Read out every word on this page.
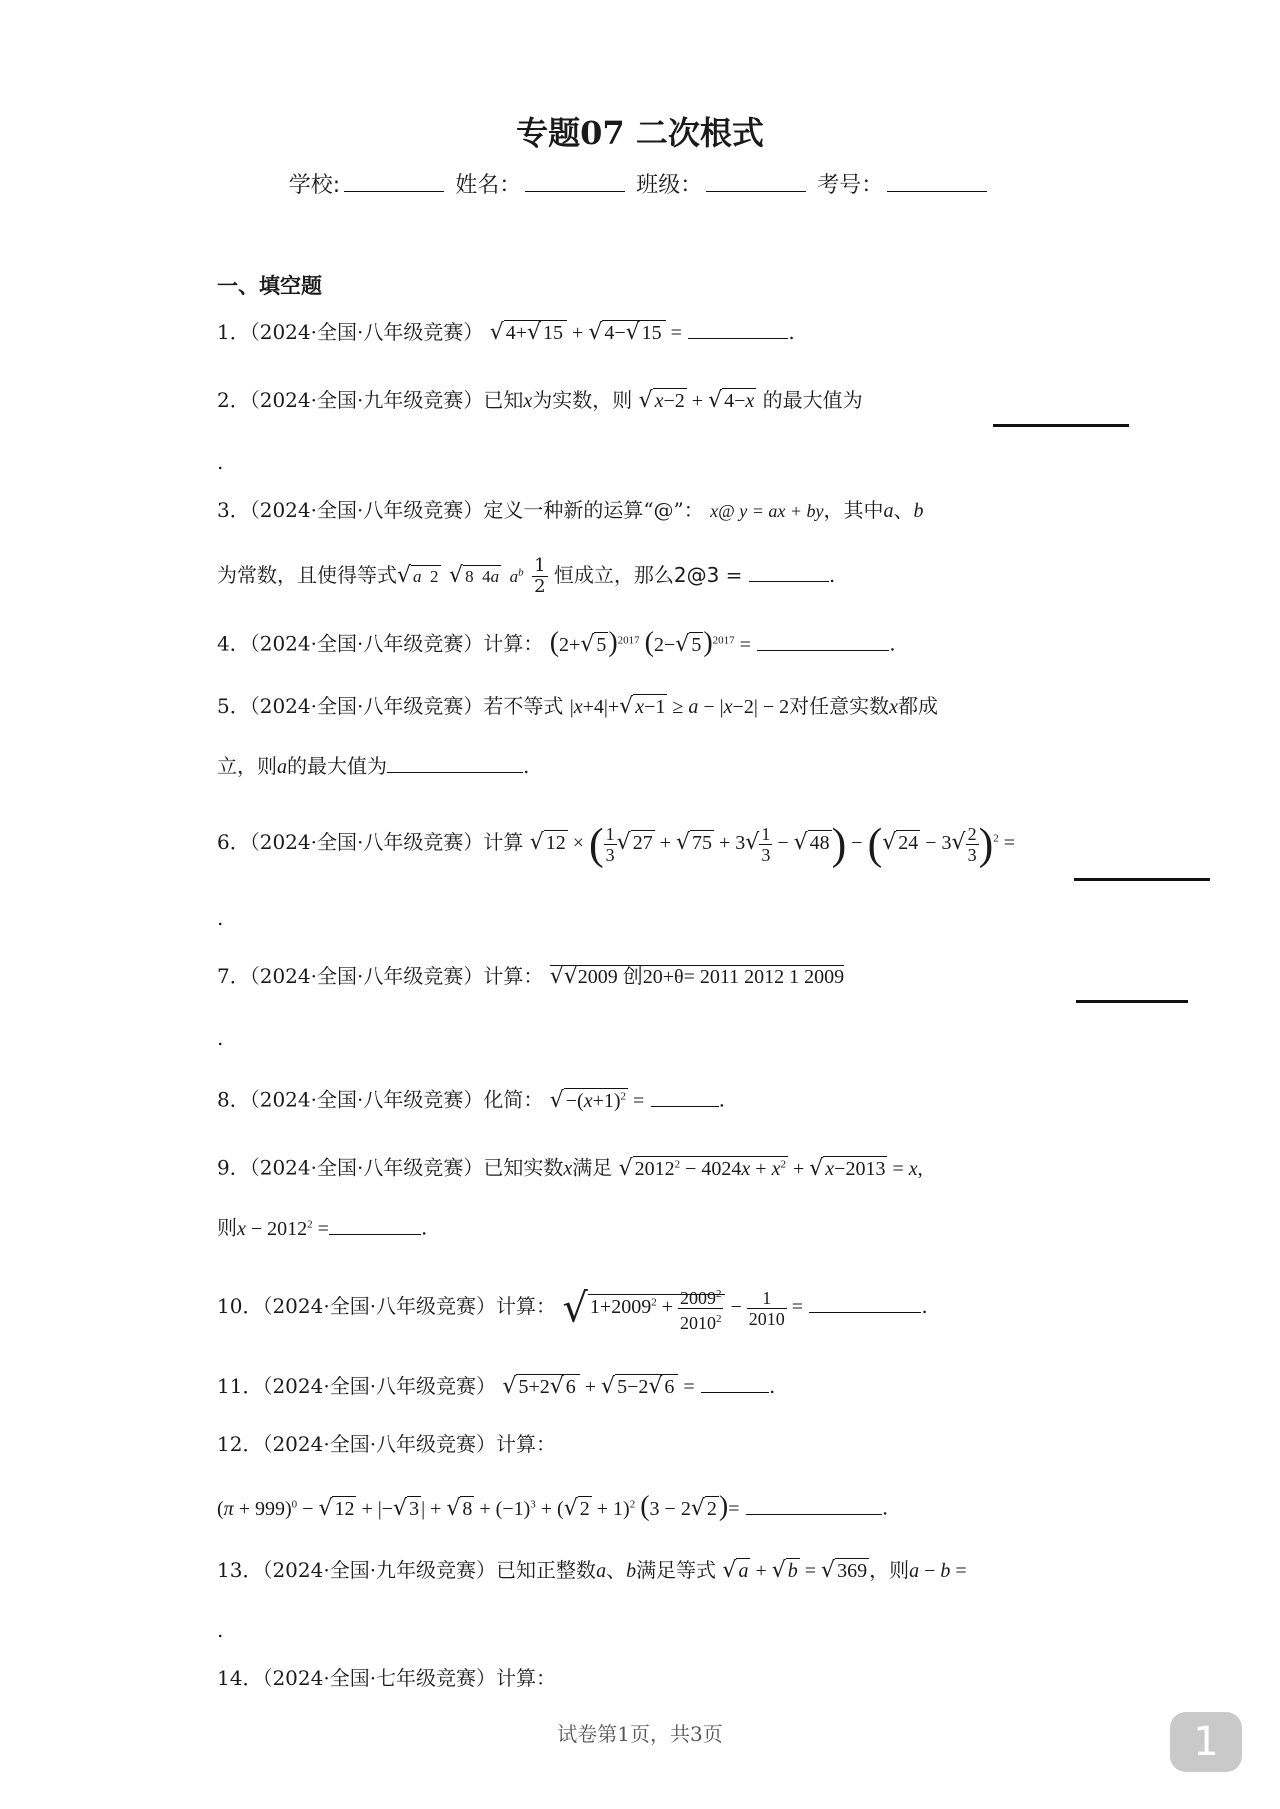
专题07 二次根式
学校:	姓名：	班级：	考号：
一、填空题
1．（2024·全国·八年级竞赛） √ 4+√ 15 + √ 4−√ 15 =	.
2．（2024·全国·九年级竞赛）已知x为实数，则 √ x−2 + √ 4−x 的最大值为
.
3．（2024·全国·八年级竞赛）定义一种新的运算“@”： x@ y = ax + by，其中a、b
为常数，且使得等式√ a  2 √ 8  4a $a^b \frac{1}{2}$ 恒成立，那么2@3 =	.
4．（2024·全国·八年级竞赛）计算： (2+√ 5)$^{2017}$ (2−√ 5)$^{2017}$ =	.
5．（2024·全国·八年级竞赛）若不等式 |x+4|+√ x−1 ≥ a − |x−2| − 2对任意实数x都成
立，则a的最大值为	.
6．（2024·全国·八年级竞赛）计算 √ 12 × ( $\frac{1}{3}$ √ 27 + √ $75 + 3√ \frac{1}{3}$ − √ 48) − (√ $24 - 3√ \frac{2}{3} )^2$ =
.
7．（2024·全国·八年级竞赛）计算： √√2009 创20+θ= 2011 2012 1 2009
.
8．（2024·全国·八年级竞赛）化简： √ $-(x+1)^2$ =	.
9．（2024·全国·八年级竞赛）已知实数x满足 √ $2012^2 - 4024x + x^2$ + √ x−2013 = x,
则$x - 2012^2$ =	.
10．（2024·全国·八年级竞赛）计算： √ $1+2009^2 + \frac{2009^2}{2010^2} - \frac{1}{2010}$ =	.
11．（2024·全国·八年级竞赛） √ 5+2√ 6 + √ 5−2√ 6 =	.
12．（2024·全国·八年级竞赛）计算：
$(\pi + 999)^0$ − √ 12 + |−√ 3 | + √ $8 + (-1)^3$ + (√ 2 + 1)$^2$ (3 − 2√ 2)=	.
13．（2024·全国·九年级竞赛）已知正整数a、b满足等式 √ a + √ b = √ 369 ，则a − b =
.
14．（2024·全国·七年级竞赛）计算：
试卷第1页，共3页	1
